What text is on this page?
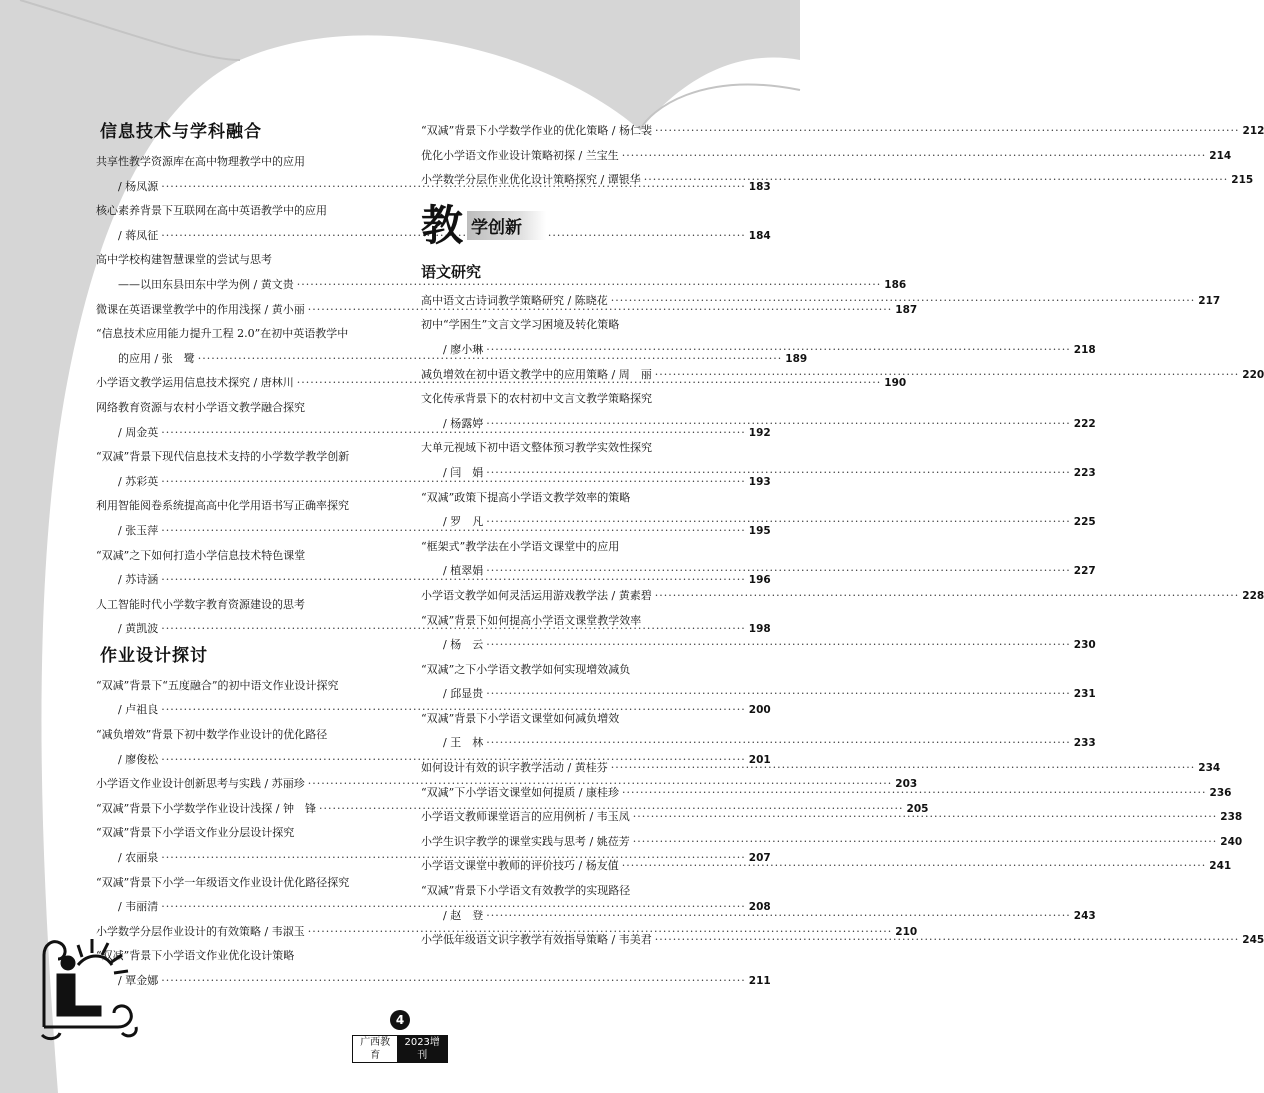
信息技术与学科融合
共享性教学资源库在高中物理教学中的应用
/ 杨凤源 ·····	183
核心素养背景下互联网在高中英语教学中的应用
/ 蒋凤征 ·····	184
高中学校构建智慧课堂的尝试与思考
——以田东县田东中学为例 / 黄文贵 ·····	186
微课在英语课堂教学中的作用浅探 / 黄小丽 ·····	187
“信息技术应用能力提升工程 2.0”在初中英语教学中
的应用 / 张　鹭 ·····	189
小学语文教学运用信息技术探究 / 唐林川 ·····	190
网络教育资源与农村小学语文教学融合探究
/ 周金英 ·····	192
“双减”背景下现代信息技术支持的小学数学教学创新
/ 苏彩英 ·····	193
利用智能阅卷系统提高高中化学用语书写正确率探究
/ 张玉萍 ·····	195
“双减”之下如何打造小学信息技术特色课堂
/ 苏诗涵 ·····	196
人工智能时代小学数字教育资源建设的思考
/ 黄凯波 ·····	198
作业设计探讨
“双减”背景下“五度融合”的初中语文作业设计探究
/ 卢祖良 ·····	200
“减负增效”背景下初中数学作业设计的优化路径
/ 廖俊松 ·····	201
小学语文作业设计创新思考与实践 / 苏丽珍 ·····	203
“双减”背景下小学数学作业设计浅探 / 钟　锋 ·····	205
“双减”背景下小学语文作业分层设计探究
/ 农丽泉 ·····	207
“双减”背景下小学一年级语文作业设计优化路径探究
/ 韦丽清 ·····	208
小学数学分层作业设计的有效策略 / 韦淑玉 ·····	210
“双减”背景下小学语文作业优化设计策略
/ 覃金娜 ·····	211
“双减”背景下小学数学作业的优化策略 / 杨仁裴 ·····	212
优化小学语文作业设计策略初探 / 兰宝生 ·····	214
小学数学分层作业优化设计策略探究 / 谭银华 ·····	215
教 学创新
语文研究
高中语文古诗词教学策略研究 / 陈晓花 ·····	217
初中“学困生”文言文学习困境及转化策略
/ 廖小琳 ·····	218
减负增效在初中语文教学中的应用策略 / 周　丽 ·····	220
文化传承背景下的农村初中文言文教学策略探究
/ 杨露婷 ·····	222
大单元视域下初中语文整体预习教学实效性探究
/ 闫　娟 ·····	223
“双减”政策下提高小学语文教学效率的策略
/ 罗　凡 ·····	225
“框架式”教学法在小学语文课堂中的应用
/ 植翠娟 ·····	227
小学语文教学如何灵活运用游戏教学法 / 黄素碧 ·····	228
“双减”背景下如何提高小学语文课堂教学效率
/ 杨　云 ·····	230
“双减”之下小学语文教学如何实现增效减负
/ 邱显贵 ·····	231
“双减”背景下小学语文课堂如何减负增效
/ 王　林 ·····	233
如何设计有效的识字教学活动 / 黄桂芬 ·····	234
“双减”下小学语文课堂如何提质 / 康桂珍 ·····	236
小学语文教师课堂语言的应用例析 / 韦玉凤 ·····	238
小学生识字教学的课堂实践与思考 / 姚莅芳 ·····	240
小学语文课堂中教师的评价技巧 / 杨友值 ·····	241
“双减”背景下小学语文有效教学的实现路径
/ 赵　登 ·····	243
小学低年级语文识字教学有效指导策略 / 韦美君 ·····	245
4

广西教育
2023增刊
